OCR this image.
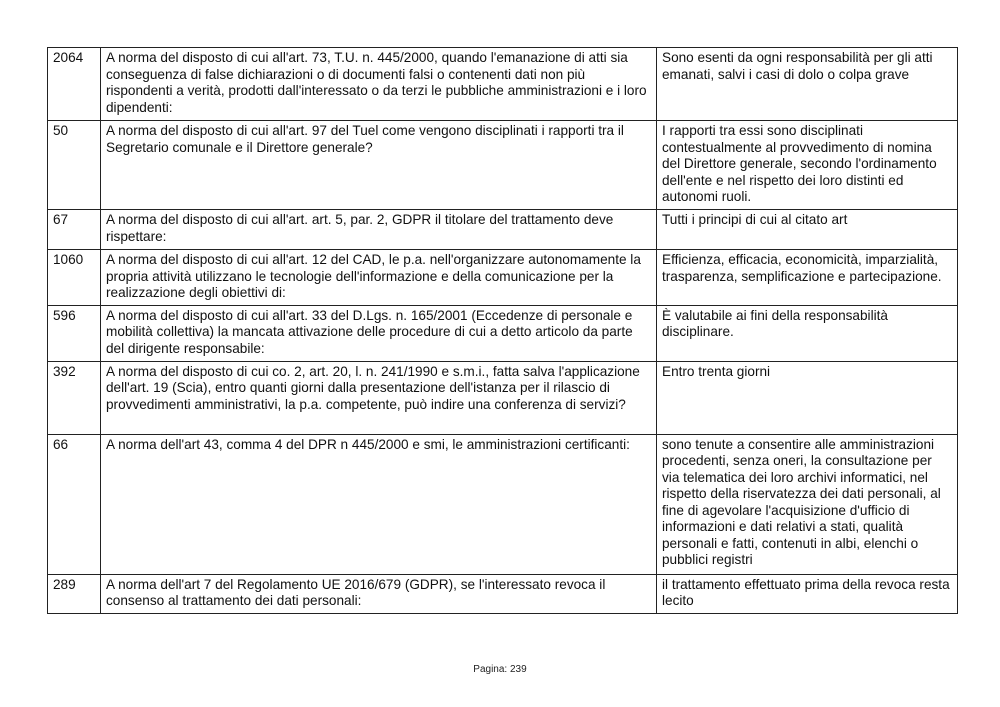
2064	A norma del disposto di cui all'art. 73, T.U. n. 445/2000, quando l'emanazione di atti sia conseguenza di false dichiarazioni o di documenti falsi o contenenti dati non più rispondenti a verità, prodotti dall'interessato o da terzi le pubbliche amministrazioni e i loro dipendenti:	Sono esenti da ogni responsabilità per gli atti emanati, salvi i casi di dolo o colpa grave
50	A norma del disposto di cui all'art. 97 del Tuel come vengono disciplinati i rapporti tra il Segretario comunale e il Direttore generale?	I rapporti tra essi sono disciplinati contestualmente al provvedimento di nomina del Direttore generale, secondo l'ordinamento dell'ente e nel rispetto dei loro distinti ed autonomi ruoli.
67	A norma del disposto di cui all'art. art. 5, par. 2, GDPR il titolare del trattamento deve rispettare:	Tutti i principi di cui al citato art
1060	A norma del disposto di cui all'art. 12 del CAD, le p.a. nell'organizzare autonomamente la propria attività utilizzano le tecnologie dell'informazione e della comunicazione per la realizzazione degli obiettivi di:	Efficienza, efficacia, economicità, imparzialità, trasparenza, semplificazione e partecipazione.
596	A norma del disposto di cui all'art. 33 del D.Lgs. n. 165/2001 (Eccedenze di personale e mobilità collettiva) la mancata attivazione delle procedure di cui a detto articolo da parte del dirigente responsabile:	È valutabile ai fini della responsabilità disciplinare.
392	A norma del disposto di cui co. 2, art. 20, l. n. 241/1990 e s.m.i., fatta salva l'applicazione dell'art. 19 (Scia), entro quanti giorni dalla presentazione dell'istanza per il rilascio di provvedimenti amministrativi, la p.a. competente, può indire una conferenza di servizi?	Entro trenta giorni
66	A norma dell'art 43, comma 4 del DPR n 445/2000 e smi, le amministrazioni certificanti:	sono tenute a consentire alle amministrazioni procedenti, senza oneri, la consultazione per via telematica dei loro archivi informatici, nel rispetto della riservatezza dei dati personali, al fine di agevolare l'acquisizione d'ufficio di informazioni e dati relativi a stati, qualità personali e fatti, contenuti in albi, elenchi o pubblici registri
289	A norma dell'art 7 del Regolamento UE 2016/679 (GDPR), se l'interessato revoca il consenso al trattamento dei dati personali:	il trattamento effettuato prima della revoca resta lecito
Pagina: 239
